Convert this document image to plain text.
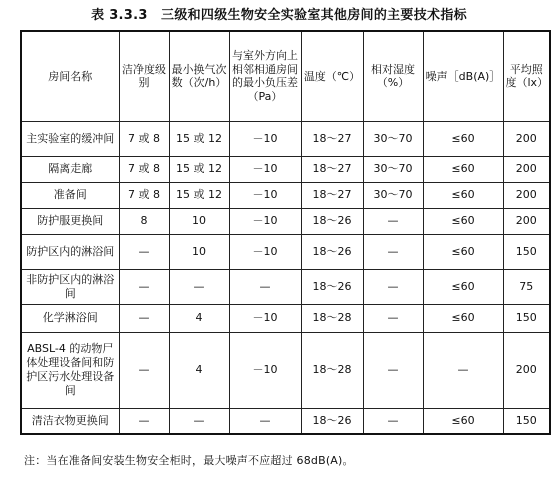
表 3.3.3　三级和四级生物安全实验室其他房间的主要技术指标
房间名称	洁净度级别	最小换气次数（次/h）	与室外方向上相邻相通房间的最小负压差（Pa）	温度（℃）	相对湿度（%）	噪声［dB(A)］	平均照度（lx）
主实验室的缓冲间	7 或 8	15 或 12	－10	18～27	30～70	≤60	200
隔离走廊	7 或 8	15 或 12	－10	18～27	30～70	≤60	200
准备间	7 或 8	15 或 12	－10	18～27	30～70	≤60	200
防护服更换间	8	10	－10	18～26	—	≤60	200
防护区内的淋浴间	—	10	－10	18～26	—	≤60	150
非防护区内的淋浴间	—	—	—	18～26	—	≤60	75
化学淋浴间	—	4	－10	18～28	—	≤60	150
ABSL-4 的动物尸体处理设备间和防护区污水处理设备间	—	4	－10	18～28	—	—	200
清洁衣物更换间	—	—	—	18～26	—	≤60	150
注：当在准备间安装生物安全柜时，最大噪声不应超过 68dB(A)。
